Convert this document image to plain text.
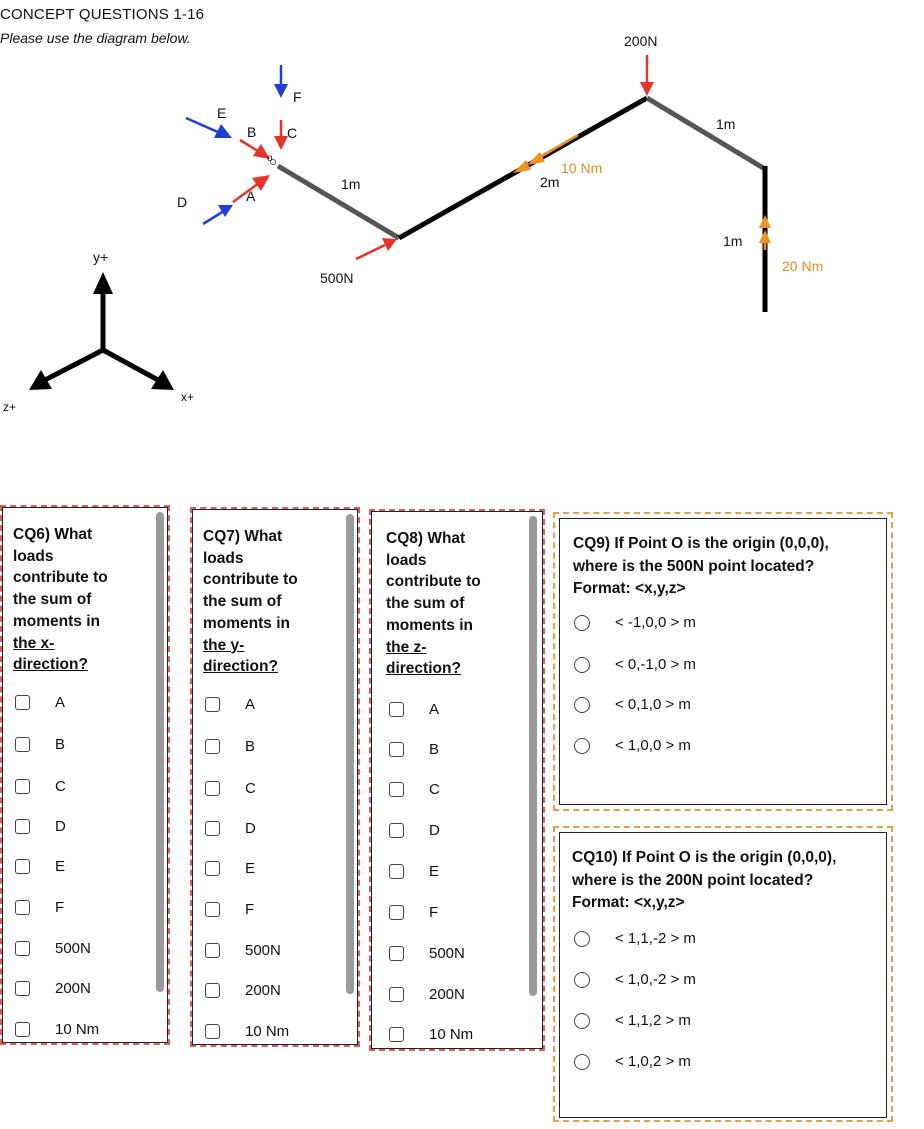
CONCEPT QUESTIONS 1-16
Please use the diagram below.
y+
x+
z+
E
B
F
C
D	A
o
500N
200N
10 Nm
20 Nm
1m	2m
1m
1m
CQ6) What
loads
contribute to
the sum of
moments in
the x-
direction?
A
B
C
D
E
F
500N
200N
10 Nm
CQ7) What
loads
contribute to
the sum of
moments in
the y-
direction?
A
B
C
D
E
F
500N
200N
10 Nm
CQ8) What
loads
contribute to
the sum of
moments in
the z-
direction?
A
B
C
D
E
F
500N
200N
10 Nm
CQ9) If Point O is the origin (0,0,0),
where is the 500N point located?
Format: <x,y,z>
< -1,0,0 > m
< 0,-1,0 > m
< 0,1,0 > m
< 1,0,0 > m
CQ10) If Point O is the origin (0,0,0),
where is the 200N point located?
Format: <x,y,z>
< 1,1,-2 > m
< 1,0,-2 > m
< 1,1,2 > m
< 1,0,2 > m
